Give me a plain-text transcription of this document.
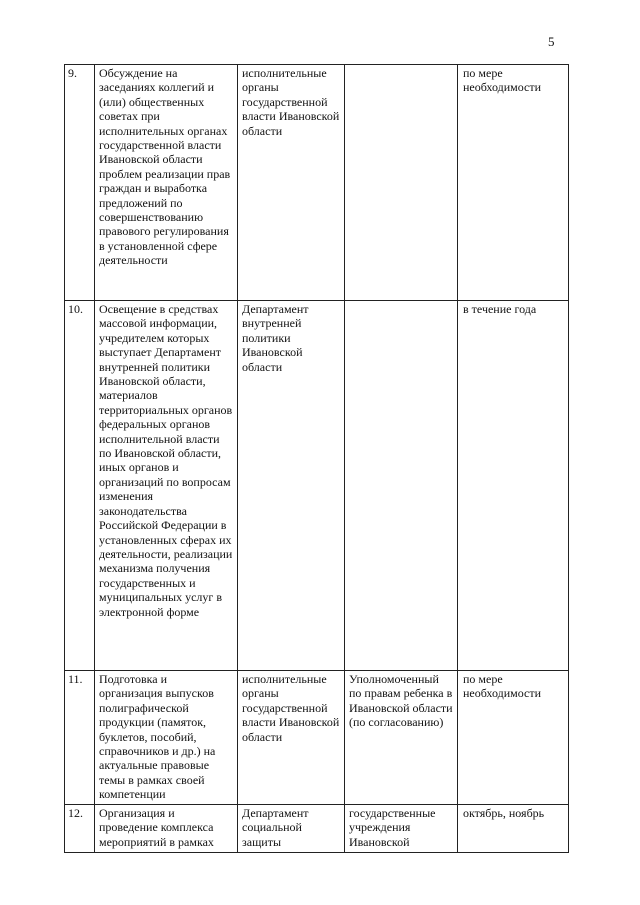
5
9.	Обсуждение на заседаниях коллегий и (или) общественных советах при исполнительных органах государственной власти Ивановской области проблем реализации прав граждан и выработка предложений по совершенствованию правового регулирования в установленной сфере деятельности	исполнительные органы государственной власти Ивановской области		по мере необходимости

10.	Освещение в средствах массовой информации, учредителем которых выступает Департамент внутренней политики Ивановской области, материалов территориальных органов федеральных органов исполнительной власти по Ивановской области, иных органов и организаций по вопросам изменения законодательства Российской Федерации в установленных сферах их деятельности, реализации механизма получения государственных и муниципальных услуг в электронной форме	Департамент внутренней политики Ивановской области		в течение года

11.	Подготовка и организация выпусков полиграфической продукции (памяток, буклетов, пособий, справочников и др.) на актуальные правовые темы в рамках своей компетенции	исполнительные органы государственной власти Ивановской области	Уполномоченный по правам ребенка в Ивановской области (по согласованию)	по мере необходимости

12.	Организация и проведение комплекса мероприятий в рамках	Департамент социальной защиты	государственные учреждения Ивановской	октябрь, ноябрь
